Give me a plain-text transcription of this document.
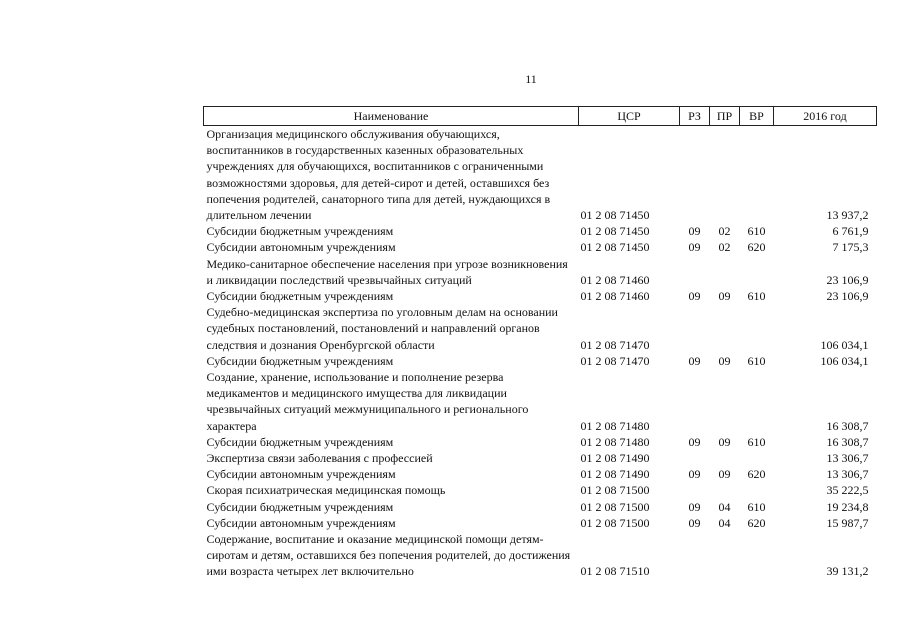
11
Наименование	ЦСР	РЗ	ПР	ВР	2016 год
Организация медицинского обслуживания обучающихся, воспитанников в государственных казенных образовательных учреждениях для обучающихся, воспитанников с ограниченными возможностями здоровья, для детей-сирот и детей, оставшихся без попечения родителей, санаторного типа для детей, нуждающихся в длительном лечении	01 2 08 71450				13 937,2
Субсидии бюджетным учреждениям	01 2 08 71450	09	02	610	6 761,9
Субсидии автономным учреждениям	01 2 08 71450	09	02	620	7 175,3
Медико-санитарное обеспечение населения при угрозе возникновения и ликвидации последствий чрезвычайных ситуаций	01 2 08 71460				23 106,9
Субсидии бюджетным учреждениям	01 2 08 71460	09	09	610	23 106,9
Судебно-медицинская экспертиза по уголовным делам на основании судебных постановлений, постановлений и направлений органов следствия и дознания Оренбургской области	01 2 08 71470				106 034,1
Субсидии бюджетным учреждениям	01 2 08 71470	09	09	610	106 034,1
Создание, хранение, использование и пополнение резерва медикаментов и медицинского имущества для ликвидации чрезвычайных ситуаций межмуниципального и регионального характера	01 2 08 71480				16 308,7
Субсидии бюджетным учреждениям	01 2 08 71480	09	09	610	16 308,7
Экспертиза связи заболевания с профессией	01 2 08 71490				13 306,7
Субсидии автономным учреждениям	01 2 08 71490	09	09	620	13 306,7
Скорая психиатрическая медицинская помощь	01 2 08 71500				35 222,5
Субсидии бюджетным учреждениям	01 2 08 71500	09	04	610	19 234,8
Субсидии автономным учреждениям	01 2 08 71500	09	04	620	15 987,7
Содержание, воспитание и оказание медицинской помощи детям-сиротам и детям, оставшихся без попечения родителей, до достижения ими возраста четырех лет включительно	01 2 08 71510				39 131,2
